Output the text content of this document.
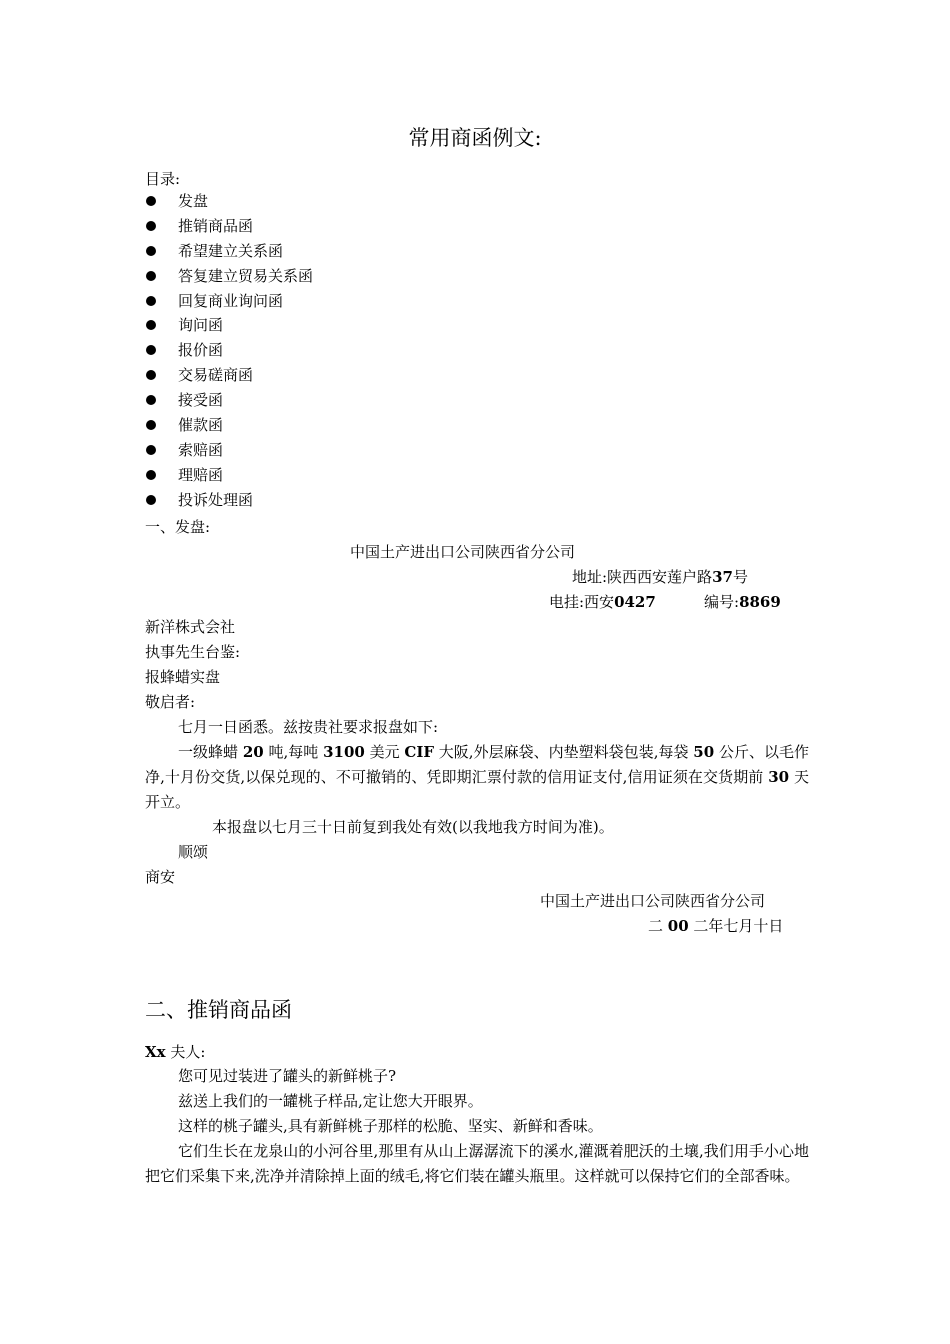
常用商函例文:
目录:
发盘
推销商品函
希望建立关系函
答复建立贸易关系函
回复商业询问函
询问函
报价函
交易磋商函
接受函
催款函
索赔函
理赔函
投诉处理函
一、发盘:
中国土产进出口公司陕西省分公司
地址:陕西西安莲户路37号
电挂:西安0427	编号:8869
新洋株式会社
执事先生台鉴:
报蜂蜡实盘
敬启者:
七月一日函悉。兹按贵社要求报盘如下:
一级蜂蜡 20 吨,每吨 3100 美元 CIF 大阪,外层麻袋、内垫塑料袋包装,每袋 50 公斤、以毛作净,十月份交货,以保兑现的、不可撤销的、凭即期汇票付款的信用证支付,信用证须在交货期前 30 天开立。
本报盘以七月三十日前复到我处有效(以我地我方时间为准)。
顺颂
商安
中国土产进出口公司陕西省分公司
二 00 二年七月十日
二、推销商品函
Xx 夫人:
您可见过装进了罐头的新鲜桃子?
兹送上我们的一罐桃子样品,定让您大开眼界。
这样的桃子罐头,具有新鲜桃子那样的松脆、坚实、新鲜和香味。
它们生长在龙泉山的小河谷里,那里有从山上潺潺流下的溪水,灌溉着肥沃的土壤,我们用手小心地把它们采集下来,洗净并清除掉上面的绒毛,将它们装在罐头瓶里。这样就可以保持它们的全部香味。
